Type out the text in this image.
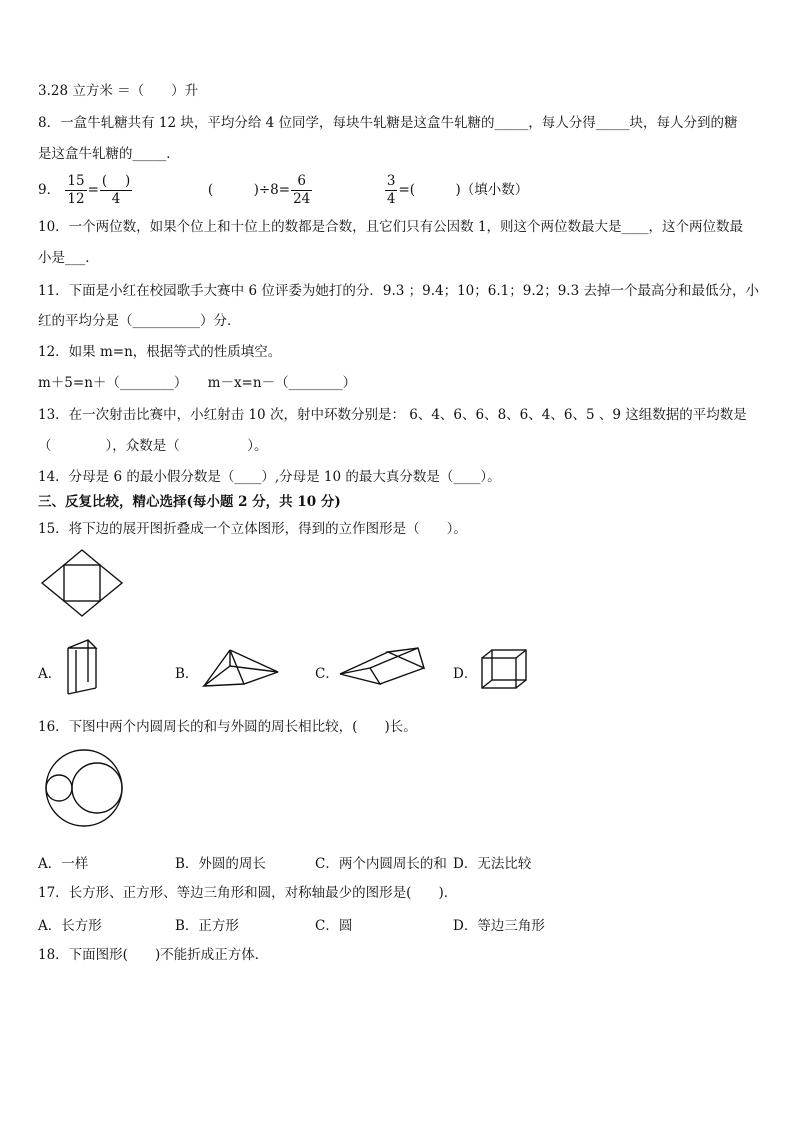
3.28 立方米 ＝（　　）升
8．一盒牛轧糖共有 12 块，平均分给 4 位同学，每块牛轧糖是这盒牛轧糖的_____，每人分得_____块，每人分到的糖
是这盒牛轧糖的_____．
9． $\frac{15}{12} = \frac{( )}{4}$	(　　　)$\div 8= \frac{6}{24}$
	$\frac{3}{4}$ =(　　　)（填小数）
10．一个两位数，如果个位上和十位上的数都是合数，且它们只有公因数 1，则这个两位数最大是____，这个两位数最
小是___．
11．下面是小红在校园歌手大赛中 6 位评委为她打的分．9.3 ；9.4；10；6.1；9.2；9.3 去掉一个最高分和最低分，小
红的平均分是（__________）分．
12．如果 m=n，根据等式的性质填空。
m＋5=n＋（________）　　m－x=n－（________）
13．在一次射击比赛中，小红射击 10 次，射中环数分别是： 6、4、6、6、8、6、4、6、5 、9 这组数据的平均数是
（　　　　），众数是（　　　　　）。
14．分母是 6 的最小假分数是（____）,分母是 10 的最大真分数是（____）。
三、反复比较，精心选择(每小题 2 分，共 10 分)
15．将下边的展开图折叠成一个立体图形，得到的立作图形是（　　）。
A．	B．	C．	D．
16．下图中两个内圆周长的和与外圆的周长相比较，(　　)长。
A．一样	B．外圆的周长	C．两个内圆周长的和 D．无法比较
17．长方形、正方形、等边三角形和圆，对称轴最少的图形是(　　)．
A．长方形	B．正方形	C．圆	D．等边三角形
18．下面图形(　　)不能折成正方体．
